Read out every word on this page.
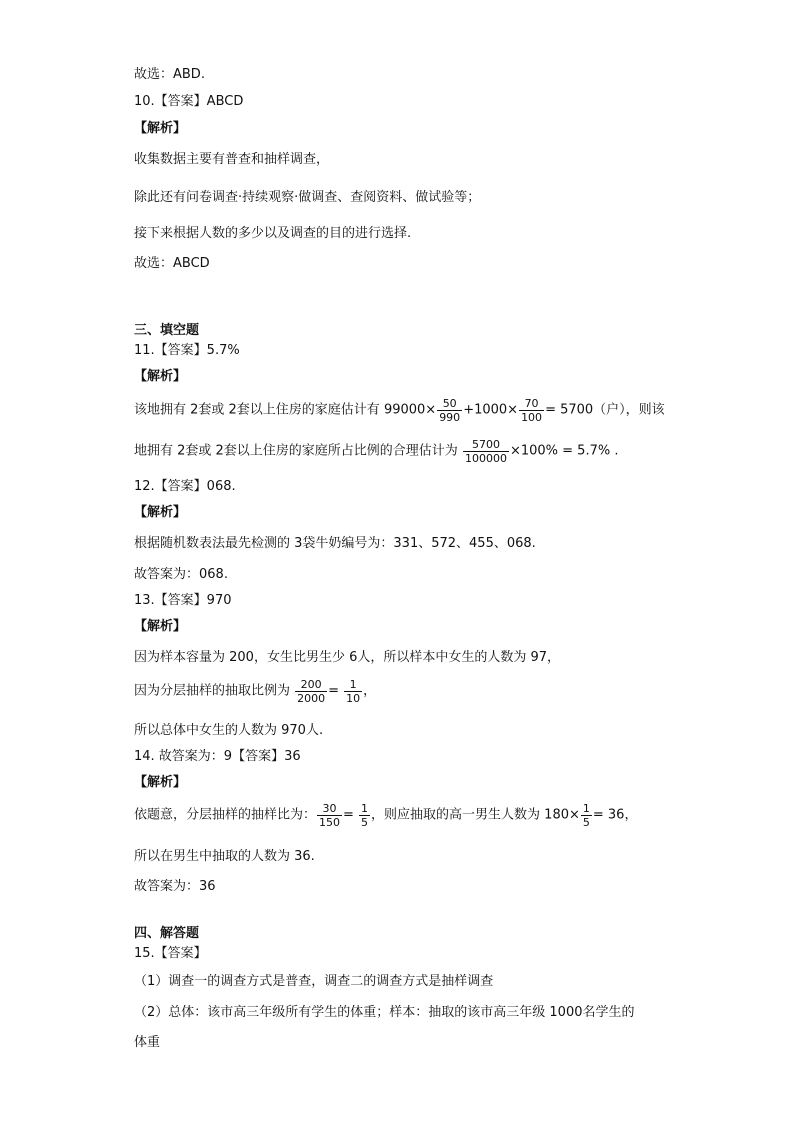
故选：ABD.
10.【答案】ABCD
【解析】
收集数据主要有普查和抽样调查，
除此还有问卷调查·持续观察·做调查、查阅资料、做试验等；
接下来根据人数的多少以及调查的目的进行选择.
故选：ABCD
三、填空题
11.【答案】5.7%
【解析】
该地拥有 2套或 2套以上住房的家庭估计有 $99000\times \frac{50}{990} +1000\times \frac{70}{100} = 5700$（户），则该
地拥有 2套或 2套以上住房的家庭所占比例的合理估计为 $\frac{5700}{100000} \times 100\% = 5.7\%$ .
12.【答案】068.
【解析】
根据随机数表法最先检测的 3袋牛奶编号为：331、572、455、068.
故答案为：068.
13.【答案】970
【解析】
因为样本容量为 200，女生比男生少 6人，所以样本中女生的人数为 97，
因为分层抽样的抽取比例为 $\frac{200}{2000} = \frac{1}{10}$ ，
所以总体中女生的人数为 970人.
14. 故答案为：9【答案】36
【解析】
依题意，分层抽样的抽样比为： $\frac{30}{150} = \frac{1}{5}$ ，则应抽取的高一男生人数为 $180\times \frac{1}{5} = 36$，
所以在男生中抽取的人数为 36.
故答案为：36
四、解答题
15.【答案】
（1）调查一的调查方式是普查，调查二的调查方式是抽样调查
（2）总体：该市高三年级所有学生的体重；样本：抽取的该市高三年级 1000名学生的
体重
